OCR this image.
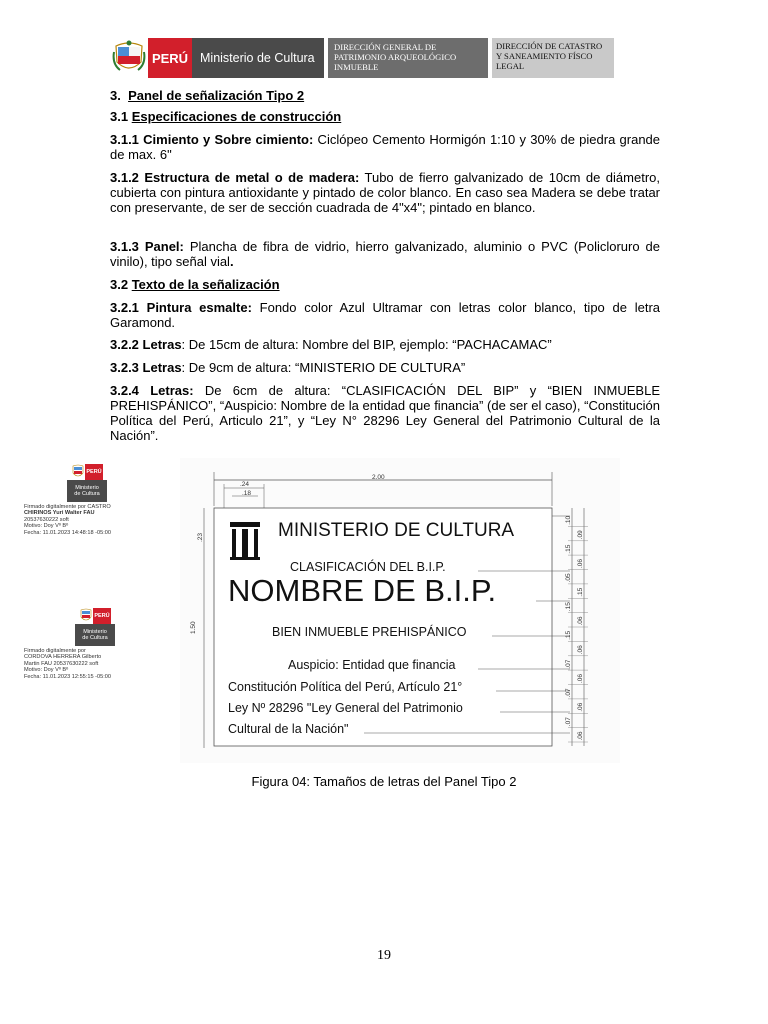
PERÚ Ministerio de Cultura
DIRECCIÓN GENERAL DE
PATRIMONIO ARQUEOLÓGICO
INMUEBLE
DIRECCIÓN DE CATASTRO
Y SANEAMIENTO FÍSCO
LEGAL

3. Panel de señalización Tipo 2

3.1 Especificaciones de construcción

3.1.1 Cimiento y Sobre cimiento: Ciclópeo Cemento Hormigón 1:10 y 30% de piedra grande de max. 6"

3.1.2 Estructura de metal o de madera: Tubo de fierro galvanizado de 10cm de diámetro, cubierta con pintura antioxidante y pintado de color blanco. En caso sea Madera se debe tratar con preservante, de ser de sección cuadrada de 4"x4"; pintado en blanco.

3.1.3 Panel: Plancha de fibra de vidrio, hierro galvanizado, aluminio o PVC (Policloruro de vinilo), tipo señal vial.

3.2 Texto de la señalización

3.2.1 Pintura esmalte: Fondo color Azul Ultramar con letras color blanco, tipo de letra Garamond.

3.2.2 Letras: De 15cm de altura: Nombre del BIP, ejemplo: “PACHACAMAC”

3.2.3 Letras: De 9cm de altura: “MINISTERIO DE CULTURA”

3.2.4 Letras: De 6cm de altura: “CLASIFICACIÓN DEL BIP” y “BIEN INMUEBLE PREHISPÁNICO”, “Auspicio: Nombre de la entidad que financia” (de ser el caso), “Constitución Política del Perú, Articulo 21”, y “Ley N° 28296 Ley General del Patrimonio Cultural de la Nación”.

PERÚ
Ministerio
de Cultura
Firmado digitalmente por CASTRO
CHIRINOS Yuri Walter FAU
20537630222 soft
Motivo: Doy Vº Bº
Fecha: 11.01.2023 14:48:18 -05:00
PERÚ
Ministerio
de Cultura
Firmado digitalmente por
CORDOVA HERRERA Gilberto
Martin FAU 20537630222 soft
Motivo: Doy Vº Bº
Fecha: 11.01.2023 12:55:15 -05:00
2.00
.24
.18
.23
1.50
MINISTERIO DE CULTURA
CLASIFICACIÓN DEL B.I.P.
NOMBRE DE B.I.P.
BIEN INMUEBLE PREHISPÁNICO
Auspicio: Entidad que financia
Constitución Política del Perú, Artículo 21°
Ley Nº 28296 "Ley General del Patrimonio
Cultural de la Nación"
.10
.09
.15
.06
.05
.15
.15
.06
.15
.06
.07
.06
.07
.06
.07
.06
Figura 04: Tamaños de letras del Panel Tipo 2
19
